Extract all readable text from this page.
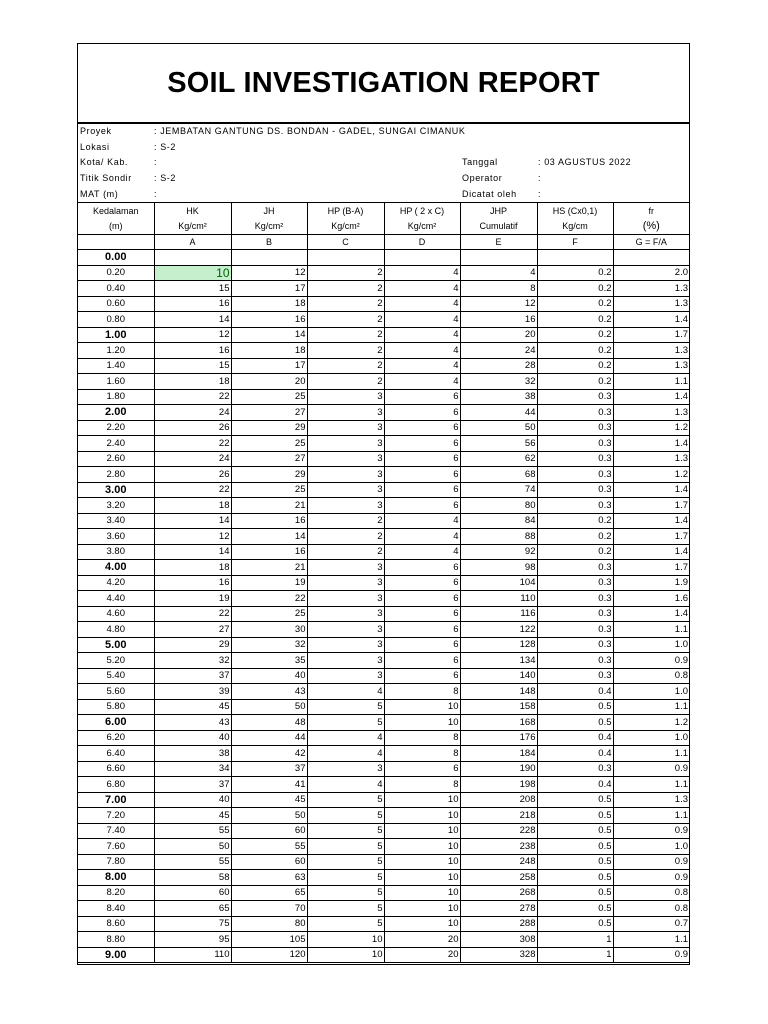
SOIL INVESTIGATION REPORT
Proyek	: JEMBATAN GANTUNG DS. BONDAN - GADEL, SUNGAI CIMANUK
Lokasi	: S-2
Kota/ Kab.	:
Titik Sondir : S-2
MAT (m)	:
Tanggal	: 03 AGUSTUS 2022
Operator	:
Dicatat oleh :
Kedalaman	HK	JH	HP (B-A)	HP ( 2 x C)	JHP	HS (Cx0,1)	fr
(m)	Kg/cm²	Kg/cm²	Kg/cm²	Kg/cm²	Cumulatif	Kg/cm	(%)
	A	B	C	D	E	F	G = F/A
0.00							
0.20	10	12	2	4	4	0.2	2.0
0.40	15	17	2	4	8	0.2	1.3
0.60	16	18	2	4	12	0.2	1.3
0.80	14	16	2	4	16	0.2	1.4
1.00	12	14	2	4	20	0.2	1.7
1.20	16	18	2	4	24	0.2	1.3
1.40	15	17	2	4	28	0.2	1.3
1.60	18	20	2	4	32	0.2	1.1
1.80	22	25	3	6	38	0.3	1.4
2.00	24	27	3	6	44	0.3	1.3
2.20	26	29	3	6	50	0.3	1.2
2.40	22	25	3	6	56	0.3	1.4
2.60	24	27	3	6	62	0.3	1.3
2.80	26	29	3	6	68	0.3	1.2
3.00	22	25	3	6	74	0.3	1.4
3.20	18	21	3	6	80	0.3	1.7
3.40	14	16	2	4	84	0.2	1.4
3.60	12	14	2	4	88	0.2	1.7
3.80	14	16	2	4	92	0.2	1.4
4.00	18	21	3	6	98	0.3	1.7
4.20	16	19	3	6	104	0.3	1.9
4.40	19	22	3	6	110	0.3	1.6
4.60	22	25	3	6	116	0.3	1.4
4.80	27	30	3	6	122	0.3	1.1
5.00	29	32	3	6	128	0.3	1.0
5.20	32	35	3	6	134	0.3	0.9
5.40	37	40	3	6	140	0.3	0.8
5.60	39	43	4	8	148	0.4	1.0
5.80	45	50	5	10	158	0.5	1.1
6.00	43	48	5	10	168	0.5	1.2
6.20	40	44	4	8	176	0.4	1.0
6.40	38	42	4	8	184	0.4	1.1
6.60	34	37	3	6	190	0.3	0.9
6.80	37	41	4	8	198	0.4	1.1
7.00	40	45	5	10	208	0.5	1.3
7.20	45	50	5	10	218	0.5	1.1
7.40	55	60	5	10	228	0.5	0.9
7.60	50	55	5	10	238	0.5	1.0
7.80	55	60	5	10	248	0.5	0.9
8.00	58	63	5	10	258	0.5	0.9
8.20	60	65	5	10	268	0.5	0.8
8.40	65	70	5	10	278	0.5	0.8
8.60	75	80	5	10	288	0.5	0.7
8.80	95	105	10	20	308	1	1.1
9.00	110	120	10	20	328	1	0.9
